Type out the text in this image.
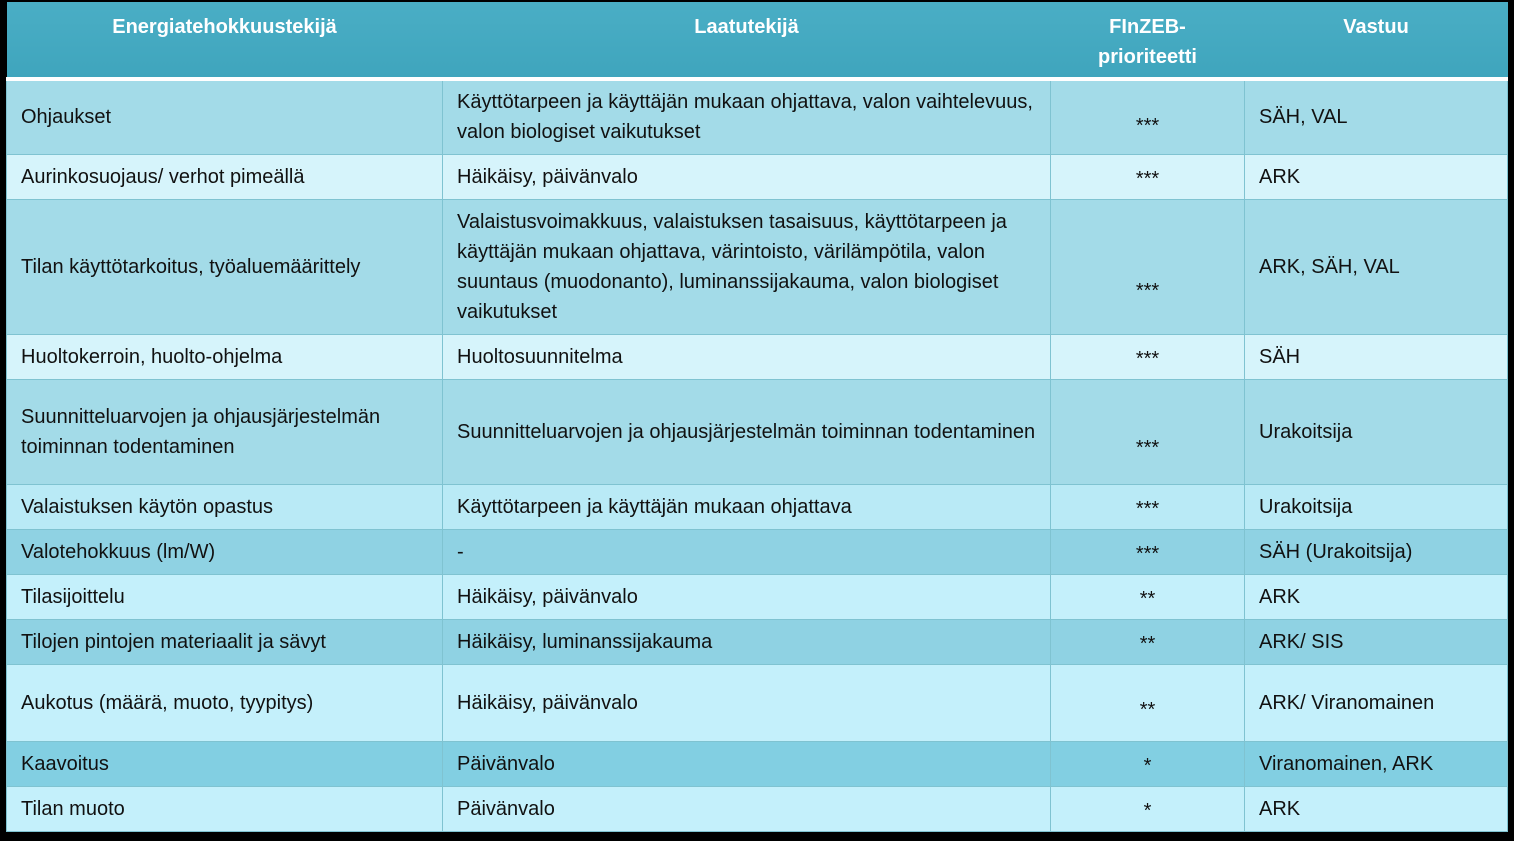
Energiatehokkuustekijä	Laatutekijä	FInZEB-prioriteetti	Vastuu
Ohjaukset	Käyttötarpeen ja käyttäjän mukaan ohjattava, valon vaihtelevuus, valon biologiset vaikutukset	***	SÄH, VAL
Aurinkosuojaus/ verhot pimeällä	Häikäisy, päivänvalo	***	ARK
Tilan käyttötarkoitus, työaluemäärittely	Valaistusvoimakkuus, valaistuksen tasaisuus, käyttötarpeen ja käyttäjän mukaan ohjattava, värintoisto, värilämpötila, valon suuntaus (muodonanto), luminanssijakauma, valon biologiset vaikutukset	***	ARK, SÄH, VAL
Huoltokerroin, huolto-ohjelma	Huoltosuunnitelma	***	SÄH
Suunnitteluarvojen ja ohjausjärjestelmän toiminnan todentaminen	Suunnitteluarvojen ja ohjausjärjestelmän toiminnan todentaminen	***	Urakoitsija
Valaistuksen käytön opastus	Käyttötarpeen ja käyttäjän mukaan ohjattava	***	Urakoitsija
Valotehokkuus (lm/W)	-	***	SÄH (Urakoitsija)
Tilasijoittelu	Häikäisy, päivänvalo	**	ARK
Tilojen pintojen materiaalit ja sävyt	Häikäisy, luminanssijakauma	**	ARK/ SIS
Aukotus (määrä, muoto, tyypitys)	Häikäisy, päivänvalo	**	ARK/ Viranomainen
Kaavoitus	Päivänvalo	*	Viranomainen, ARK
Tilan muoto	Päivänvalo	*	ARK
